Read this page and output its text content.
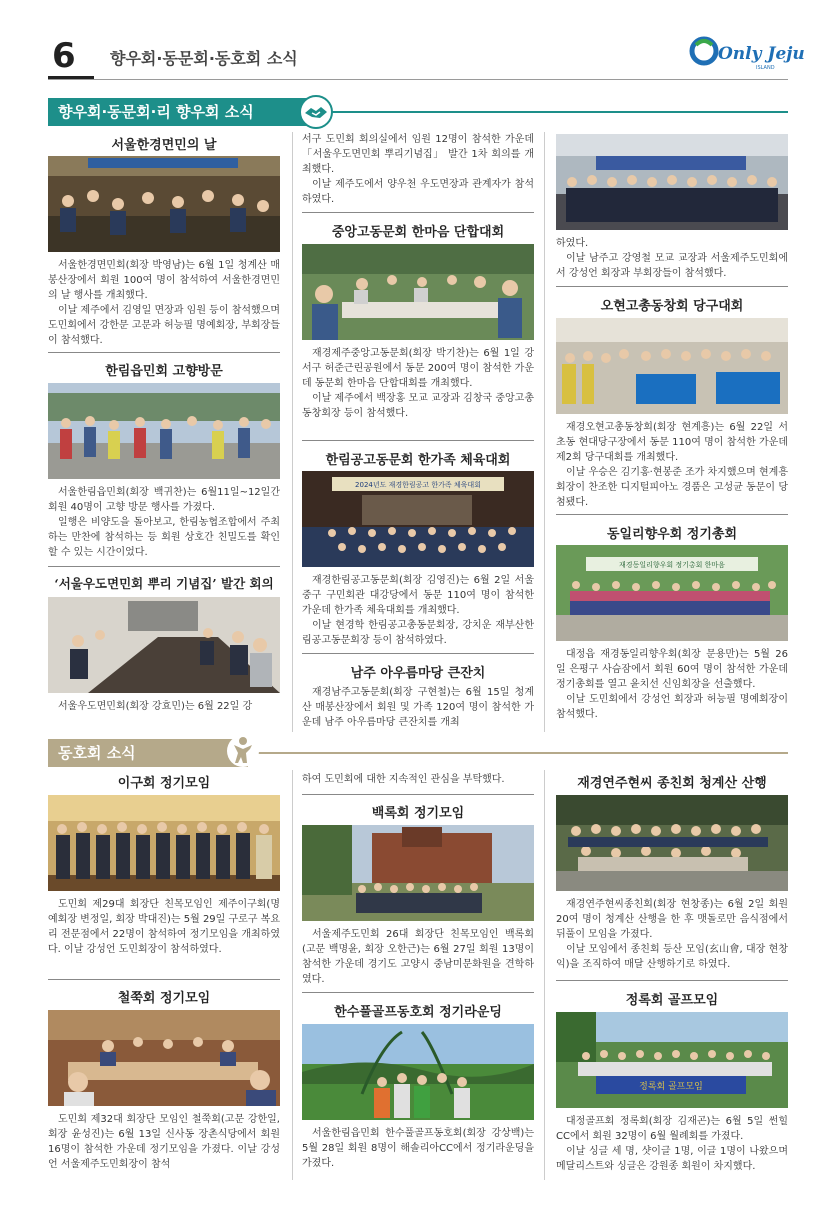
6 향우회·동문회·동호회 소식	Only Jeju
ISLAND
향우회·동문회·리 향우회 소식
서울한경면민의 날

서울한경면민회(회장 박영남)는 6월 1일 청계산 매봉산장에서 회원 100여 명이 참석하여 서울한경면민의 날 행사를 개최했다.

이날 제주에서 김영일 면장과 임원 등이 참석했으며 도민회에서 강한문 고문과 허능필 명예회장, 부회장들이 참석했다.

한림읍민회 고향방문

서울한림읍민회(회장 백귀찬)는 6월11일~12일간 회원 40명이 고향 방문 행사를 가졌다.

일행은 비양도을 돌아보고, 한림농협조합에서 주최하는 만찬에 참석하는 등 회원 상호간 친밀도를 확인할 수 있는 시간이었다.

‘서울우도면민회 뿌리 기념집’ 발간 회의

서울우도면민회(회장 강효민)는 6월 22일 강

서구 도민회 회의실에서 임원 12명이 참석한 가운데 「서울우도면민회 뿌리기념집」 발간 1차 회의를 개최했다.

이날 제주도에서 양우천 우도면장과 관계자가 참석하였다.

중앙고동문회 한마음 단합대회

재경제주중앙고동문회(회장 박기찬)는 6월 1일 강서구 허준근린공원에서 동문 200여 명이 참석한 가운데 동문회 한마음 단합대회를 개최했다.

이날 제주에서 백장홍 모교 교장과 김창국 중앙고총동창회장 등이 참석했다.

한림공고동문회 한가족 체육대회
2024년도 재경한림공고 한가족 체육대회

재경한림공고동문회(회장 김영진)는 6월 2일 서울 중구 구민회관 대강당에서 동문 110여 명이 참석한 가운데 한가족 체육대회를 개최했다.

이날 현경학 한림공고총동문회장, 강치운 재부산한림공고동문회장 등이 참석하였다.

남주 아우름마당 큰잔치

재경남주고동문회(회장 구현철)는 6월 15일 청계산 매봉산장에서 회원 및 가족 120여 명이 참석한 가운데 남주 아우름마당 큰잔치를 개최

하였다.

이날 남주고 강영철 모교 교장과 서울제주도민회에서 강성언 회장과 부회장들이 참석했다.

오현고총동창회 당구대회

재경오현고총동창회(회장 현계흥)는 6월 22일 서초동 현대당구장에서 동문 110여 명이 참석한 가운데 제2회 당구대회를 개최했다.

이날 우승은 김기홍·현봉준 조가 차지했으며 현계흥 회장이 찬조한 디지털피아노 경품은 고성균 동문이 당첨됐다.

동일리향우회 정기총회
재경동일리향우회 정기총회 한마음

대정읍 재경동일리향우회(회장 문용만)는 5월 26일 은평구 사슴잠에서 회원 60여 명이 참석한 가운데 정기총회를 열고 윤치선 신임회장을 선출했다.

이날 도민회에서 강성언 회장과 허능필 명예회장이 참석했다.

동호회 소식
이구회 정기모임

도민회 제29대 회장단 친목모임인 제주이구회(명예회장 변정일, 회장 박대진)는 5월 29일 구로구 복요리 전문점에서 22명이 참석하여 정기모임을 개최하였다. 이날 강성언 도민회장이 참석하였다.

철쭉회 정기모임

도민회 제32대 회장단 모임인 철쭉회(고문 강한일, 회장 윤성진)는 6월 13일 신사동 장촌식당에서 회원 16명이 참석한 가운데 정기모임을 가졌다. 이날 강성언 서울제주도민회장이 참석

하여 도민회에 대한 지속적인 관심을 부탁했다.

백록회 정기모임

서울제주도민회 26대 회장단 친목모임인 백록회(고문 백명윤, 회장 오한근)는 6월 27일 회원 13명이 참석한 가운데 경기도 고양시 중남미문화원을 견학하였다.

한수풀골프동호회 정기라운딩

서울한림읍민회 한수풀골프동호회(회장 강상백)는 5월 28일 회원 8명이 해솔리아CC에서 정기라운딩을 가졌다.

재경연주현씨 종친회 청계산 산행

재경연주현씨종친회(회장 현창종)는 6월 2일 회원 20여 명이 청계산 산행을 한 후 맷돌로만 음식점에서 뒤풀이 모임을 가졌다.

이날 모임에서 종친회 등산 모임(玄山會, 대장 현창익)을 조직하여 매달 산행하기로 하였다.

정록회 골프모임
정록회 골프모임

대정골프회 정록회(회장 김재곤)는 6월 5일 썬힐CC에서 회원 32명이 6월 월례회를 가졌다.

이날 싱글 세 명, 샷이글 1명, 이글 1명이 나왔으며 메달리스트와 싱글은 강원종 회원이 차지했다.
